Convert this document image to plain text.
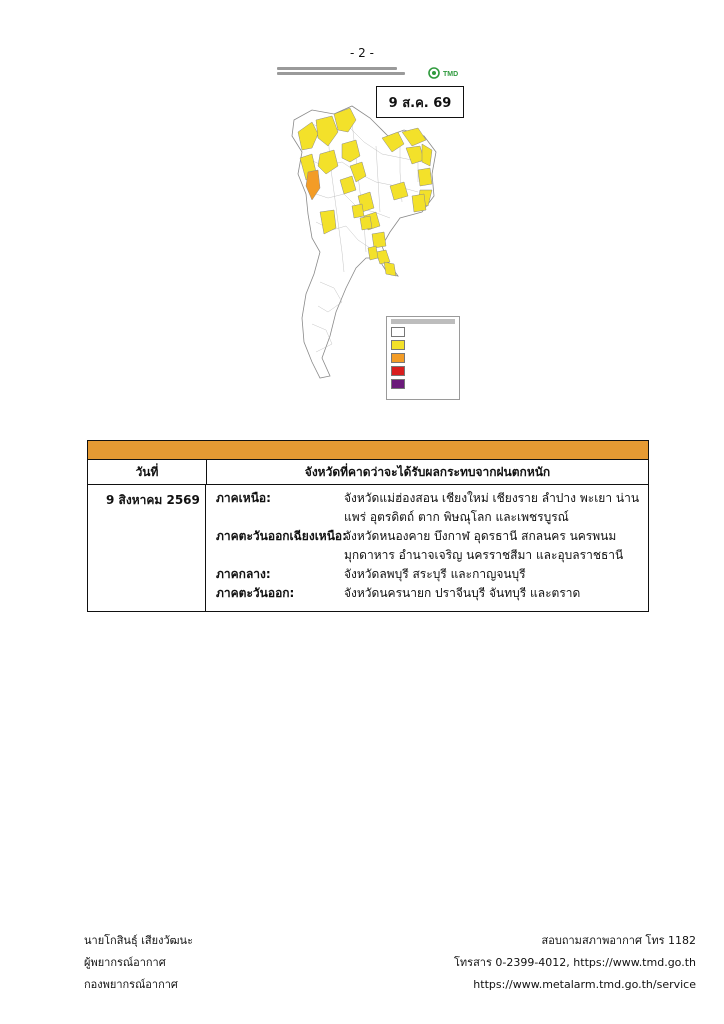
- 2 -
TMD
9 ส.ค. 69
วันที่	จังหวัดที่คาดว่าจะได้รับผลกระทบจากฝนตกหนัก
9 สิงหาคม 2569	ภาคเหนือ:	จังหวัดแม่ฮ่องสอน เชียงใหม่ เชียงราย ลำปาง พะเยา น่าน แพร่ อุตรดิตถ์ ตาก พิษณุโลก และเพชรบูรณ์
ภาคตะวันออกเฉียงเหนือ:
จังหวัดหนองคาย บึงกาฬ อุดรธานี สกลนคร นครพนม มุกดาหาร อำนาจเจริญ นครราชสีมา และอุบลราชธานี
ภาคกลาง:	จังหวัดลพบุรี สระบุรี และกาญจนบุรี
ภาคตะวันออก:	จังหวัดนครนายก ปราจีนบุรี จันทบุรี และตราด
นายโกสินธุ์ เสียงวัฒนะ
ผู้พยากรณ์อากาศ
กองพยากรณ์อากาศ
สอบถามสภาพอากาศ โทร 1182
โทรสาร 0-2399-4012, https://www.tmd.go.th
https://www.metalarm.tmd.go.th/service
